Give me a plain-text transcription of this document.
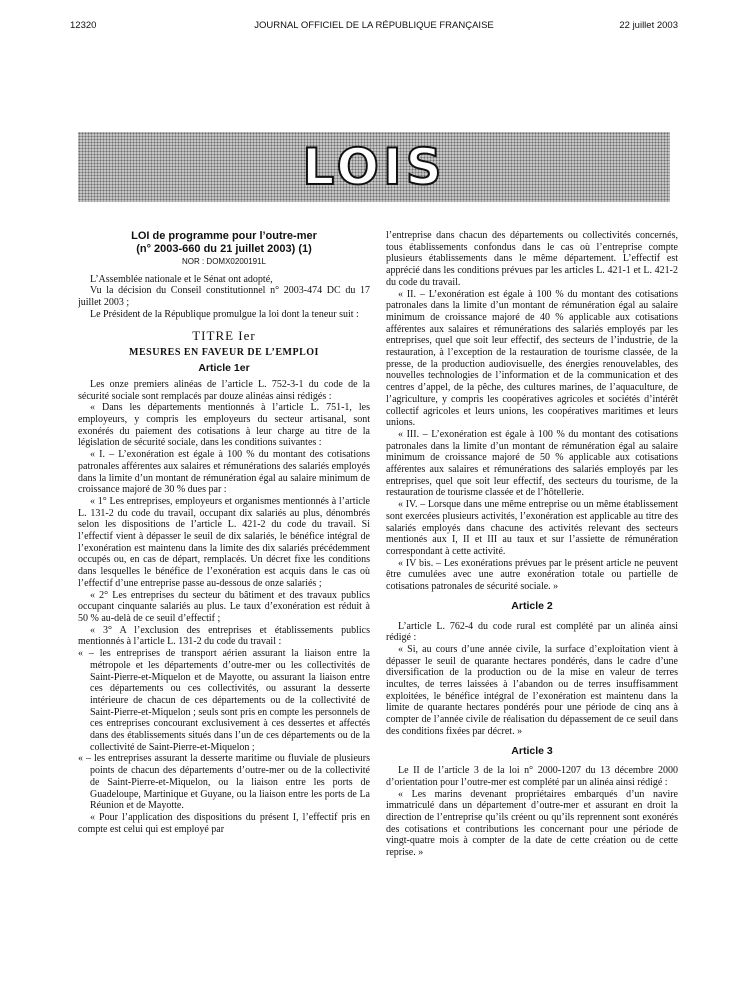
12320	JOURNAL OFFICIEL DE LA RÉPUBLIQUE FRANÇAISE	22 juillet 2003
LOIS
LOI de programme pour l’outre-mer
(n° 2003-660 du 21 juillet 2003) (1)
NOR : DOMX0200191L

L’Assemblée nationale et le Sénat ont adopté,

Vu la décision du Conseil constitutionnel n° 2003-474 DC du 17 juillet 2003 ;

Le Président de la République promulgue la loi dont la teneur suit :

TITRE Ier
MESURES EN FAVEUR DE L’EMPLOI
Article 1er

Les onze premiers alinéas de l’article L. 752-3-1 du code de la sécurité sociale sont remplacés par douze alinéas ainsi rédigés :

« Dans les départements mentionnés à l’article L. 751-1, les employeurs, y compris les employeurs du secteur artisanal, sont exonérés du paiement des cotisations à leur charge au titre de la législation de sécurité sociale, dans les conditions suivantes :

« I. – L’exonération est égale à 100 % du montant des cotisations patronales afférentes aux salaires et rémunérations des salariés employés dans la limite d’un montant de rémunération égal au salaire minimum de croissance majoré de 30 % dues par :

« 1° Les entreprises, employeurs et organismes mentionnés à l’article L. 131-2 du code du travail, occupant dix salariés au plus, dénombrés selon les dispositions de l’article L. 421-2 du code du travail. Si l’effectif vient à dépasser le seuil de dix salariés, le bénéfice intégral de l’exonération est maintenu dans la limite des dix salariés précédemment occupés ou, en cas de départ, remplacés. Un décret fixe les conditions dans lesquelles le bénéfice de l’exonération est acquis dans le cas où l’effectif d’une entreprise passe au-dessous de onze salariés ;

« 2° Les entreprises du secteur du bâtiment et des travaux publics occupant cinquante salariés au plus. Le taux d’exonération est réduit à 50 % au-delà de ce seuil d’effectif ;

« 3° A l’exclusion des entreprises et établissements publics mentionnés à l’article L. 131-2 du code du travail :

« – les entreprises de transport aérien assurant la liaison entre la métropole et les départements d’outre-mer ou les collectivités de Saint-Pierre-et-Miquelon et de Mayotte, ou assurant la liaison entre ces départements ou ces collectivités, ou assurant la desserte intérieure de chacun de ces départements ou de la collectivité de Saint-Pierre-et-Miquelon ; seuls sont pris en compte les personnels de ces entreprises concourant exclusivement à ces dessertes et affectés dans des établissements situés dans l’un de ces départements ou de la collectivité de Saint-Pierre-et-Miquelon ;

« – les entreprises assurant la desserte maritime ou fluviale de plusieurs points de chacun des départements d’outre-mer ou de la collectivité de Saint-Pierre-et-Miquelon, ou la liaison entre les ports de Guadeloupe, Martinique et Guyane, ou la liaison entre les ports de La Réunion et de Mayotte.

« Pour l’application des dispositions du présent I, l’effectif pris en compte est celui qui est employé par

l’entreprise dans chacun des départements ou collectivités concernés, tous établissements confondus dans le cas où l’entreprise compte plusieurs établissements dans le même département. L’effectif est apprécié dans les conditions prévues par les articles L. 421-1 et L. 421-2 du code du travail.

« II. – L’exonération est égale à 100 % du montant des cotisations patronales dans la limite d’un montant de rémunération égal au salaire minimum de croissance majoré de 40 % applicable aux cotisations afférentes aux salaires et rémunérations des salariés employés par les entreprises, quel que soit leur effectif, des secteurs de l’industrie, de la restauration, à l’exception de la restauration de tourisme classée, de la presse, de la production audiovisuelle, des énergies renouvelables, des nouvelles technologies de l’information et de la communication et des centres d’appel, de la pêche, des cultures marines, de l’aquaculture, de l’agriculture, y compris les coopératives agricoles et sociétés d’intérêt collectif agricoles et leurs unions, les coopératives maritimes et leurs unions.

« III. – L’exonération est égale à 100 % du montant des cotisations patronales dans la limite d’un montant de rémunération égal au salaire minimum de croissance majoré de 50 % applicable aux cotisations afférentes aux salaires et rémunérations des salariés employés par les entreprises, quel que soit leur effectif, des secteurs du tourisme, de la restauration de tourisme classée et de l’hôtellerie.

« IV. – Lorsque dans une même entreprise ou un même établissement sont exercées plusieurs activités, l’exonération est applicable au titre des salariés employés dans chacune des activités relevant des secteurs mentionés aux I, II et III au taux et sur l’assiette de rémunération correspondant à cette activité.

« IV bis. – Les exonérations prévues par le présent article ne peuvent être cumulées avec une autre exonération totale ou partielle de cotisations patronales de sécurité sociale. »

Article 2

L’article L. 762-4 du code rural est complété par un alinéa ainsi rédigé :

« Si, au cours d’une année civile, la surface d’exploitation vient à dépasser le seuil de quarante hectares pondérés, dans le cadre d’une diversification de la production ou de la mise en valeur de terres incultes, de terres laissées à l’abandon ou de terres insuffisamment exploitées, le bénéfice intégral de l’exonération est maintenu dans la limite de quarante hectares pondérés pour une période de cinq ans à compter de l’année civile de réalisation du dépassement de ce seuil dans des conditions fixées par décret. »

Article 3

Le II de l’article 3 de la loi n° 2000-1207 du 13 décembre 2000 d’orientation pour l’outre-mer est complété par un alinéa ainsi rédigé :

« Les marins devenant propriétaires embarqués d’un navire immatriculé dans un département d’outre-mer et assurant en droit la direction de l’entreprise qu’ils créent ou qu’ils reprennent sont exonérés des cotisations et contributions les concernant pour une période de vingt-quatre mois à compter de la date de cette création ou de cette reprise. »
